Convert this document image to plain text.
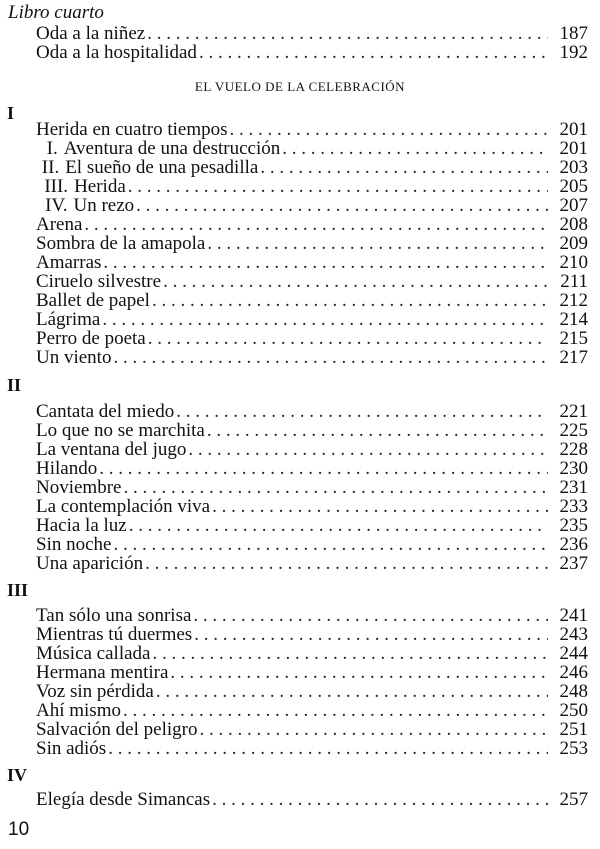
Libro cuarto
Oda a la niñez . . .	187
Oda a la hospitalidad . . .	192
EL VUELO DE LA CELEBRACIÓN
I
Herida en cuatro tiempos . . .	201
I. Aventura de una destrucción . . .	201
II. El sueño de una pesadilla . . .	203
III. Herida . . .	205
IV. Un rezo . . .	207
Arena . . .	208
Sombra de la amapola . . .	209
Amarras . . .	210
Ciruelo silvestre . . .	211
Ballet de papel . . .	212
Lágrima . . .	214
Perro de poeta . . .	215
Un viento . . .	217
II
Cantata del miedo . . .	221
Lo que no se marchita . . .	225
La ventana del jugo . . .	228
Hilando . . .	230
Noviembre . . .	231
La contemplación viva . . .	233
Hacia la luz . . .	235
Sin noche . . .	236
Una aparición . . .	237
III
Tan sólo una sonrisa . . .	241
Mientras tú duermes . . .	243
Música callada . . .	244
Hermana mentira . . .	246
Voz sin pérdida . . .	248
Ahí mismo . . .	250
Salvación del peligro . . .	251
Sin adiós . . .	253
IV
Elegía desde Simancas . . .	257
10
